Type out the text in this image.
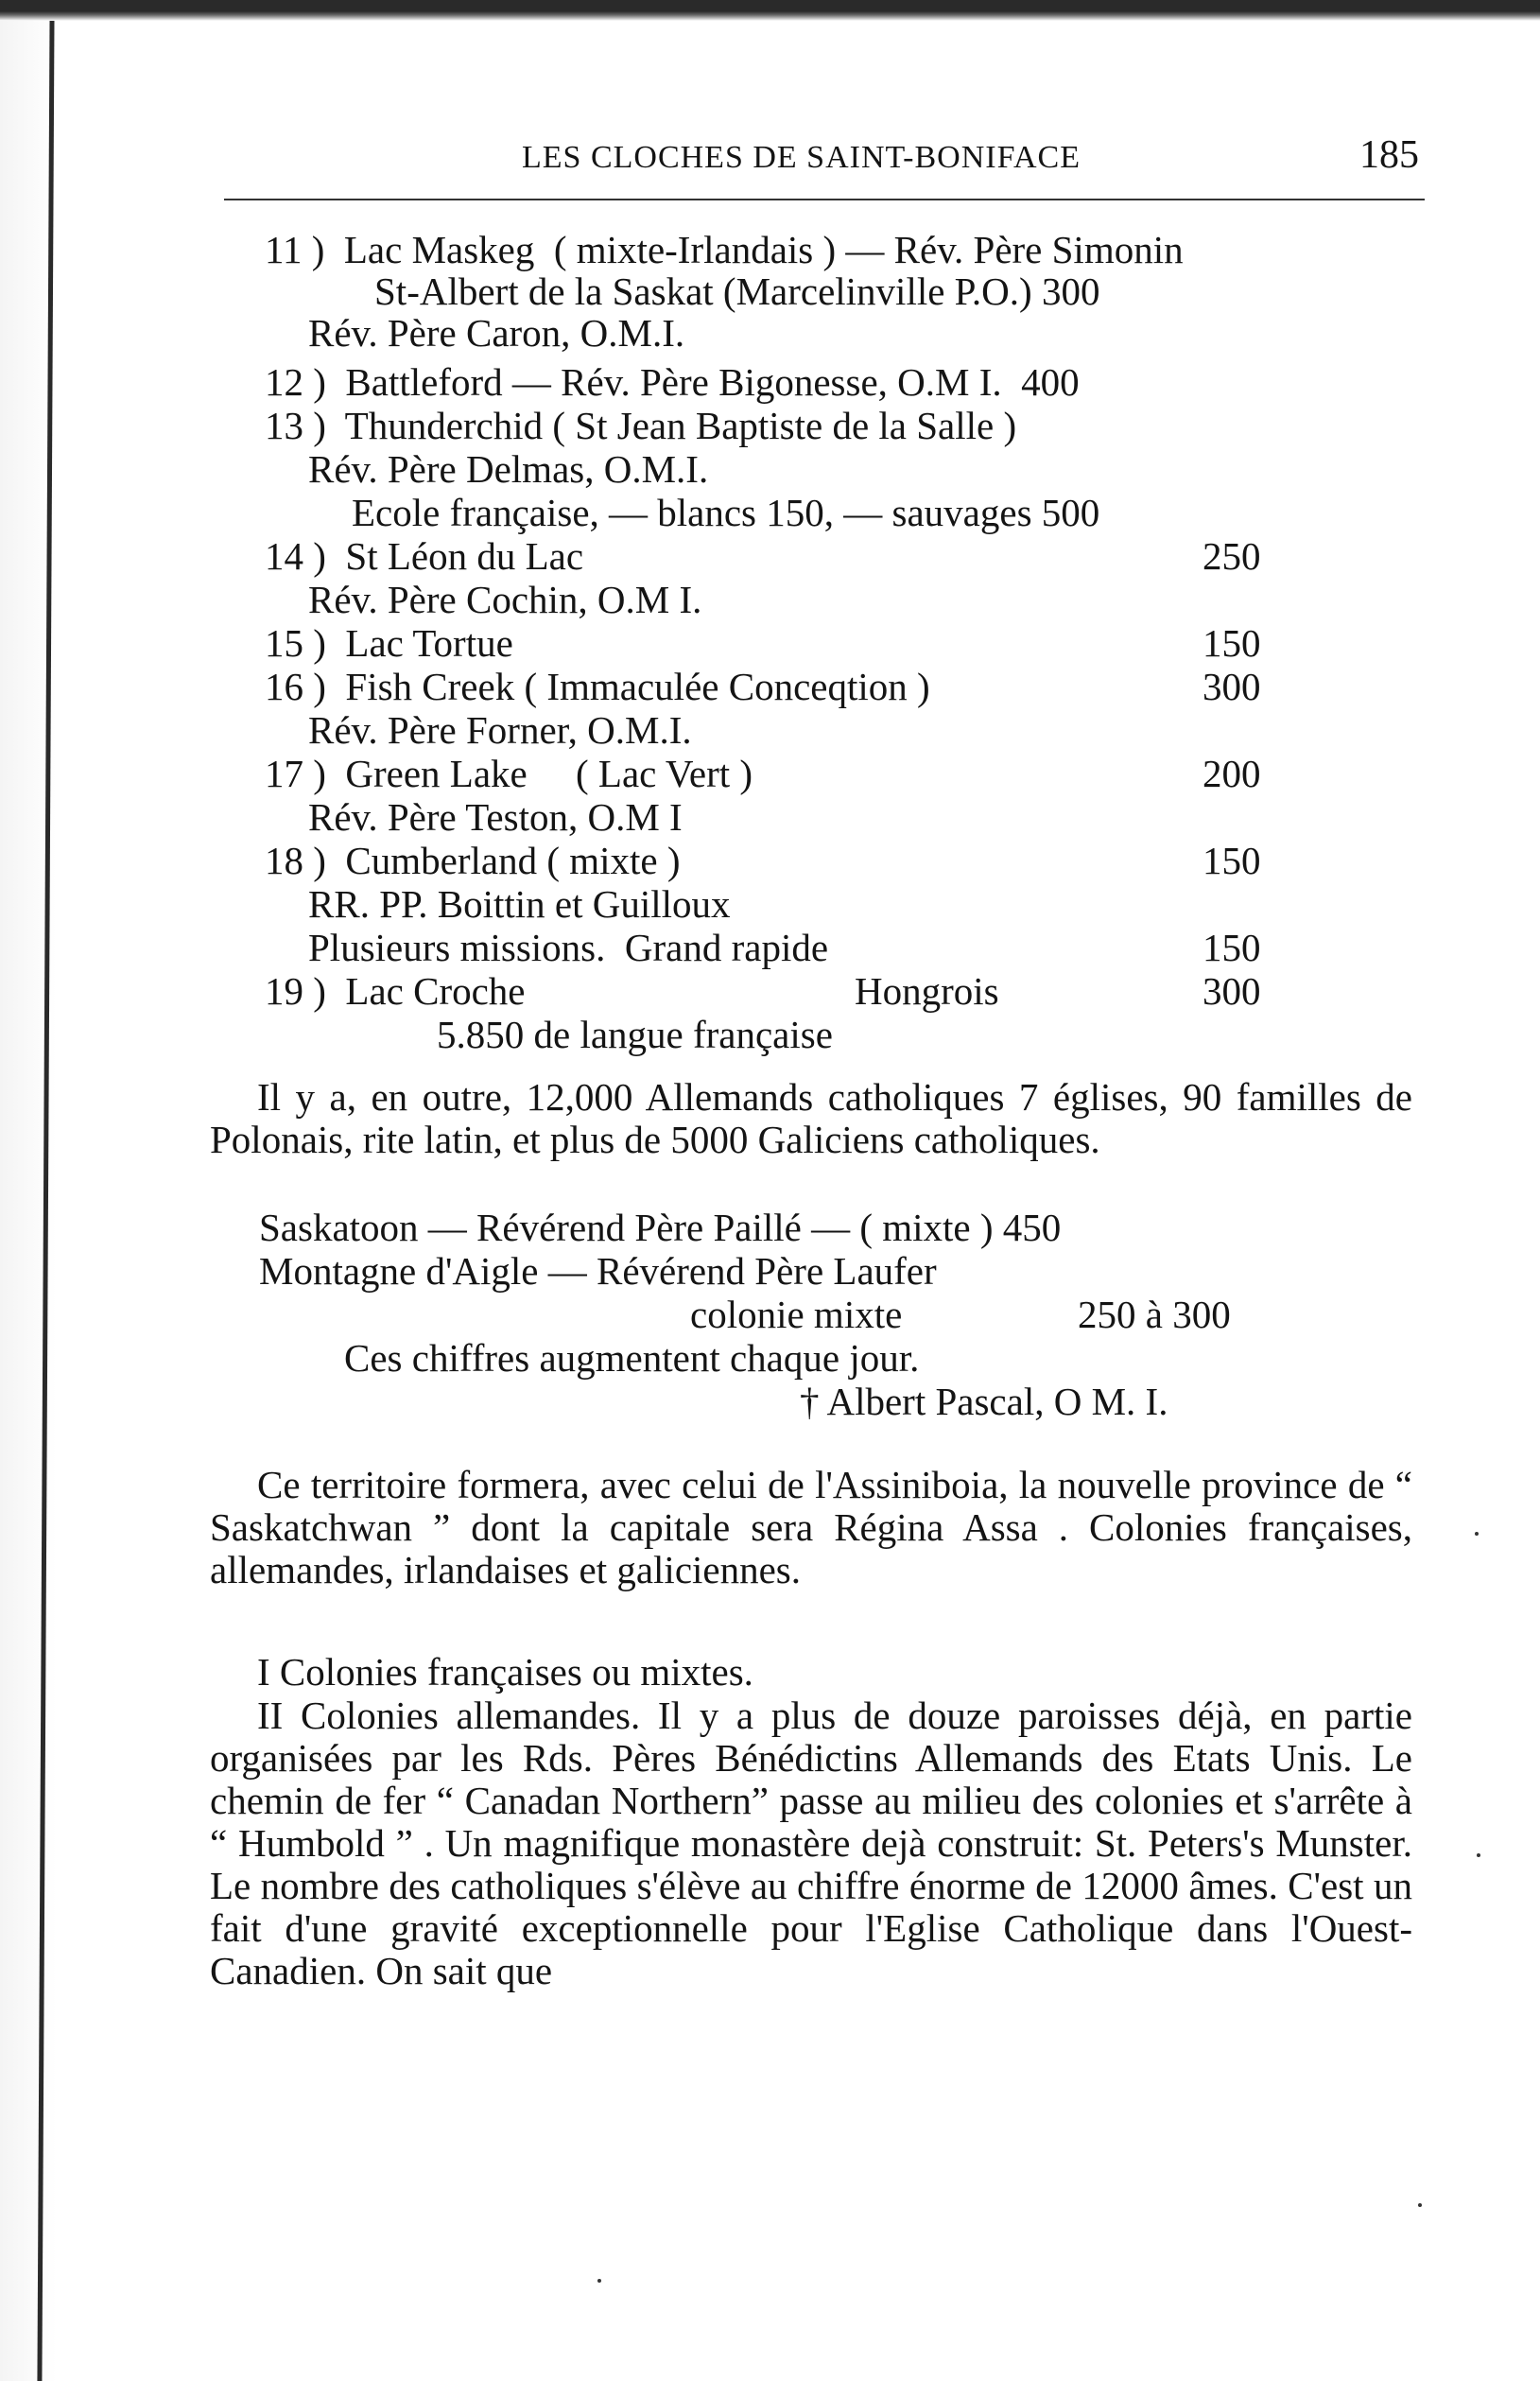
LES CLOCHES DE SAINT-BONIFACE	185
11 )  Lac Maskeg  ( mixte-Irlandais ) — Rév. Père Simonin
St-Albert de la Saskat (Marcelinville P.O.) 300
Rév. Père Caron, O.M.I.
12 )  Battleford — Rév. Père Bigonesse, O.M I.  400
13 )  Thunderchid ( St Jean Baptiste de la Salle )
Rév. Père Delmas, O.M.I.
Ecole française, — blancs 150, — sauvages 500
14 )  St Léon du Lac	250
Rév. Père Cochin, O.M I.
15 )  Lac Tortue	150
16 )  Fish Creek ( Immaculée Conceqtion )	300
Rév. Père Forner, O.M.I.
17 )  Green Lake     ( Lac Vert )	200
Rév. Père Teston, O.M I
18 )  Cumberland ( mixte )	150
RR. PP. Boittin et Guilloux
Plusieurs missions.  Grand rapide	150
19 )  Lac Croche	Hongrois	300
5.850 de langue française
Il y a, en outre, 12,000 Allemands catholiques 7 églises, 90 familles de Polonais, rite latin, et plus de 5000 Galiciens catholiques.
Saskatoon — Révérend Père Paillé — ( mixte ) 450
Montagne d'Aigle — Révérend Père Laufer
colonie mixte	250 à 300
Ces chiffres augmentent chaque jour.
† Albert Pascal, O M. I.
Ce territoire formera, avec celui de l'Assiniboia, la nouvelle province de “ Saskatchwan ” dont la capitale sera Régina Assa . Colonies françaises, allemandes, irlandaises et galiciennes.
I Colonies françaises ou mixtes.
II Colonies allemandes. Il y a plus de douze paroisses déjà, en partie organisées par les Rds. Pères Bénédictins Allemands des Etats Unis. Le chemin de fer “ Canadan Northern” passe au milieu des colonies et s'arrête à “ Humbold ” . Un magnifique monastère dejà construit: St. Peters's Munster. Le nombre des catholiques s'élève au chiffre énorme de 12000 âmes. C'est un fait d'une gravité exceptionnelle pour l'Eglise Catholique dans l'Ouest-Canadien. On sait que
